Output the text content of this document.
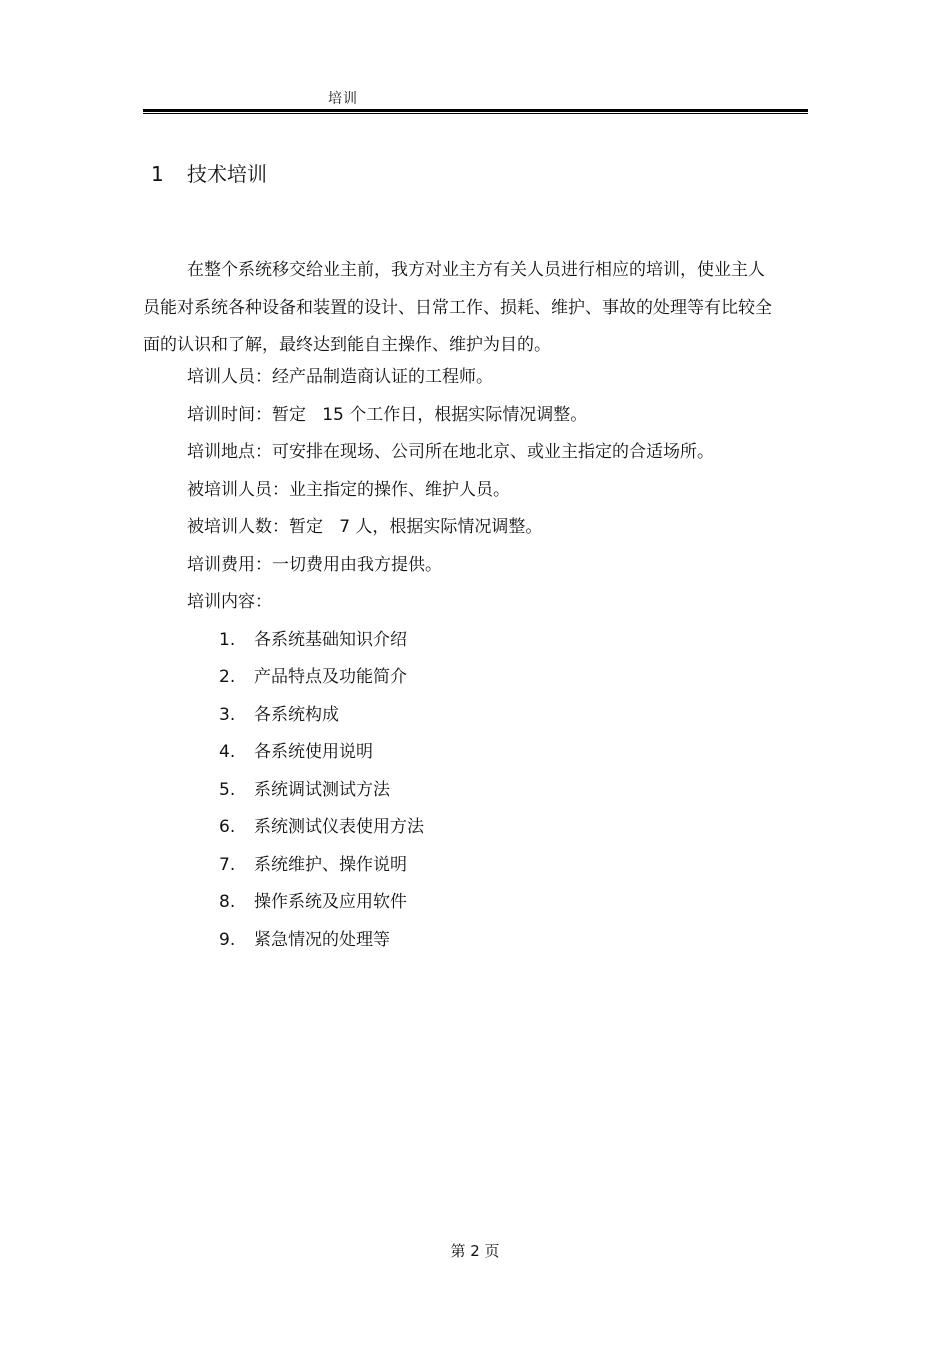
培训
1 技术培训

在整个系统移交给业主前，我方对业主方有关人员进行相应的培训，使业主人员能对系统各种设备和装置的设计、日常工作、损耗、维护、事故的处理等有比较全面的认识和了解，最终达到能自主操作、维护为目的。

培训人员：经产品制造商认证的工程师。
培训时间：暂定   15 个工作日，根据实际情况调整。
培训地点：可安排在现场、公司所在地北京、或业主指定的合适场所。
被培训人员：业主指定的操作、维护人员。
被培训人数：暂定   7 人，根据实际情况调整。
培训费用：一切费用由我方提供。
培训内容：
1. 各系统基础知识介绍
2. 产品特点及功能简介
3. 各系统构成
4. 各系统使用说明
5. 系统调试测试方法
6. 系统测试仪表使用方法
7. 系统维护、操作说明
8. 操作系统及应用软件
9. 紧急情况的处理等
第 2 页
